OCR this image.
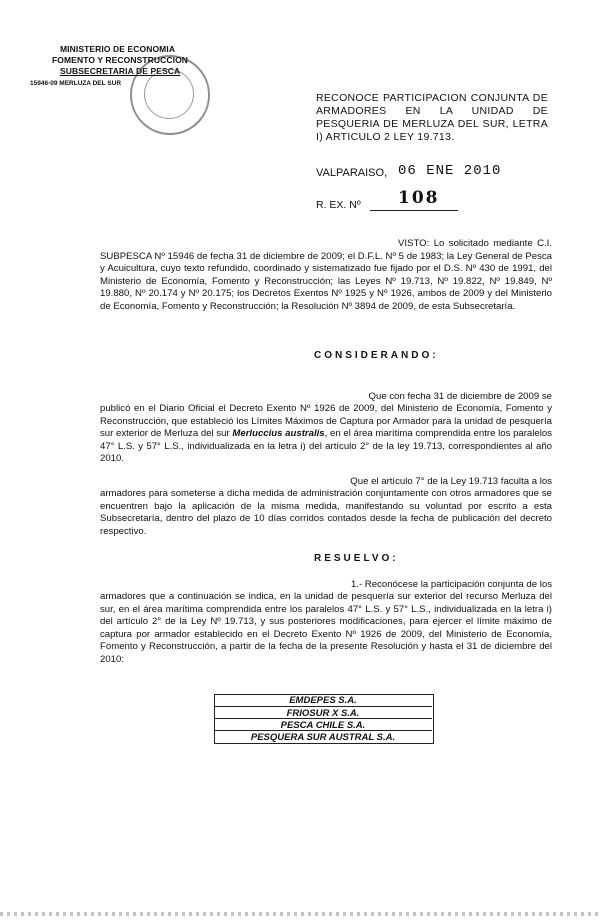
MINISTERIO DE ECONOMIA
FOMENTO Y RECONSTRUCCION
SUBSECRETARIA DE PESCA
15946-09 MERLUZA DEL SUR
RECONOCE PARTICIPACION CONJUNTA DE ARMADORES EN LA UNIDAD DE PESQUERIA DE MERLUZA DEL SUR, LETRA I) ARTICULO 2 LEY 19.713.
VALPARAISO, 06 ENE 2010
R. EX. Nº 108
VISTO: Lo solicitado mediante C.I. SUBPESCA Nº 15946 de fecha 31 de diciembre de 2009; el D.F.L. Nº 5 de 1983; la Ley General de Pesca y Acuicultura, cuyo texto refundido, coordinado y sistematizado fue fijado por el D.S. Nº 430 de 1991, del Ministerio de Economía, Fomento y Reconstrucción; las Leyes Nº 19.713, Nº 19.822, Nº 19.849, Nº 19.880, Nº 20.174 y Nº 20.175; los Decretos Exentos Nº 1925 y Nº 1926, ambos de 2009 y del Ministerio de Economía, Fomento y Reconstrucción; la Resolución Nº 3894 de 2009, de esta Subsecretaría.
CONSIDERANDO:
Que con fecha 31 de diciembre de 2009 se
publicó en el Diario Oficial el Decreto Exento Nº 1926 de 2009, del Ministerio de Economía, Fomento y Reconstrucción, que estableció los Límites Máximos de Captura por Armador para la unidad de pesquería sur exterior de Merluza del sur Merluccius australis, en el área marítima comprendida entre los paralelos 47° L.S. y 57° L.S., individualizada en la letra i) del artículo 2° de la ley 19.713, correspondientes al año 2010.
Que el artículo 7° de la Ley 19.713 faculta a los
armadores para someterse a dicha medida de administración conjuntamente con otros armadores que se encuentren bajo la aplicación de la misma medida, manifestando su voluntad por escrito a esta Subsecretaría, dentro del plazo de 10 días corridos contados desde la fecha de publicación del decreto respectivo.
RESUELVO:
1.- Reconócese la participación conjunta de los
armadores que a continuación se indica, en la unidad de pesquería sur exterior del recurso Merluza del sur, en el área marítima comprendida entre los paralelos 47° L.S. y 57° L.S., individualizada en la letra i) del artículo 2° de la Ley Nº 19.713, y sus posteriores modificaciones, para ejercer el límite máximo de captura por armador establecido en el Decreto Exento Nº 1926 de 2009, del Ministerio de Economía, Fomento y Reconstrucción, a partir de la fecha de la presente Resolución y hasta el 31 de diciembre del 2010:
EMDEPES S.A.
FRIOSUR X S.A.
PESCA CHILE S.A.
PESQUERA SUR AUSTRAL S.A.
